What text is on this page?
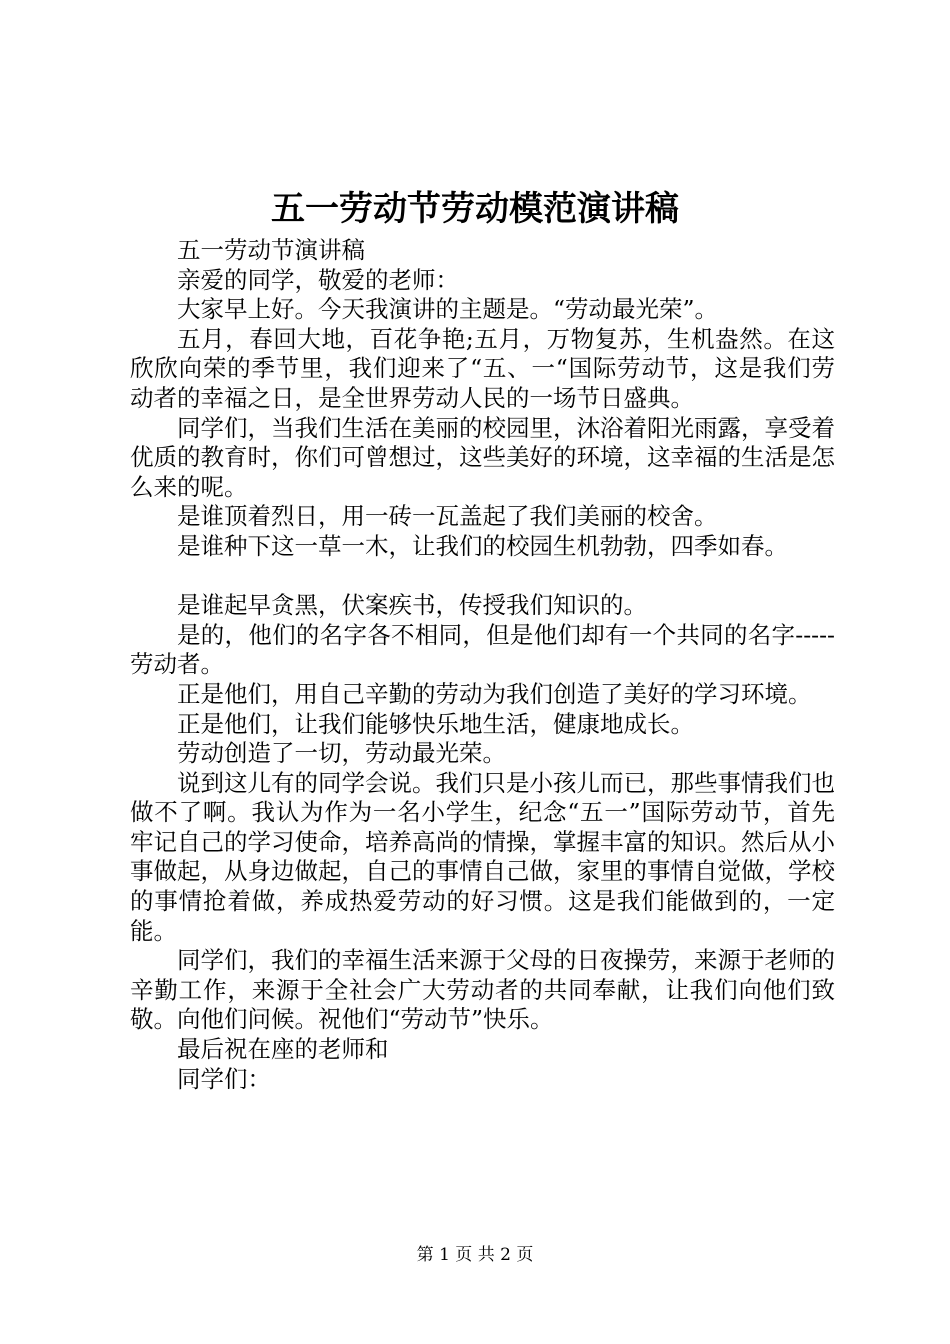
五一劳动节劳动模范演讲稿

五一劳动节演讲稿

亲爱的同学，敬爱的老师：

大家早上好。今天我演讲的主题是。“劳动最光荣”。

五月，春回大地，百花争艳;五月，万物复苏，生机盎然。在这欣欣向荣的季节里，我们迎来了“五、一“国际劳动节，这是我们劳动者的幸福之日，是全世界劳动人民的一场节日盛典。

同学们，当我们生活在美丽的校园里，沐浴着阳光雨露，享受着优质的教育时，你们可曾想过，这些美好的环境，这幸福的生活是怎么来的呢。

是谁顶着烈日，用一砖一瓦盖起了我们美丽的校舍。

是谁种下这一草一木，让我们的校园生机勃勃，四季如春。

是谁起早贪黑，伏案疾书，传授我们知识的。

是的，他们的名字各不相同，但是他们却有一个共同的名字-----劳动者。

正是他们，用自己辛勤的劳动为我们创造了美好的学习环境。

正是他们，让我们能够快乐地生活，健康地成长。

劳动创造了一切，劳动最光荣。

说到这儿有的同学会说。我们只是小孩儿而已，那些事情我们也做不了啊。我认为作为一名小学生，纪念“五一”国际劳动节，首先牢记自己的学习使命，培养高尚的情操，掌握丰富的知识。然后从小事做起，从身边做起，自己的事情自己做，家里的事情自觉做，学校的事情抢着做，养成热爱劳动的好习惯。这是我们能做到的，一定能。

同学们，我们的幸福生活来源于父母的日夜操劳，来源于老师的辛勤工作，来源于全社会广大劳动者的共同奉献，让我们向他们致敬。向他们问候。祝他们“劳动节”快乐。

最后祝在座的老师和

同学们：

第 1 页 共 2 页
